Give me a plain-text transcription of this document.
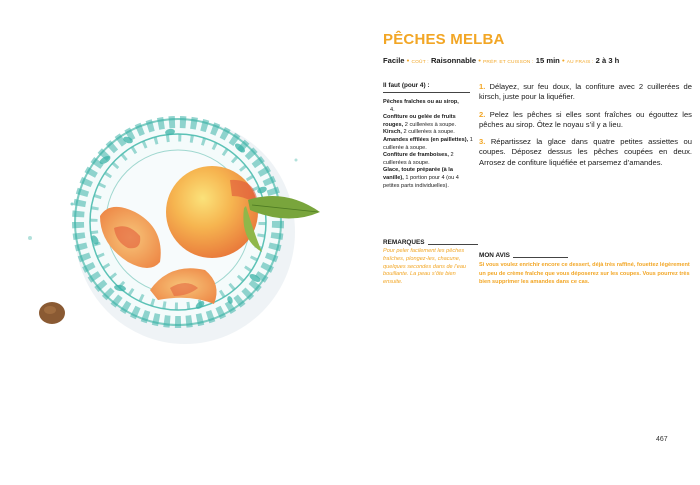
PÊCHES MELBA
Facile • COÛT : Raisonnable • PRÉP. ET CUISSON : 15 min • AU FRAIS : 2 à 3 h
Il faut (pour 4) :
Pêches fraîches ou au sirop,
4.
Confiture ou gelée de fruits rouges, 2 cuillerées à soupe.
Kirsch, 2 cuillerées à soupe.
Amandes effilées (en paillettes), 1 cuillerée à soupe.
Confiture de framboises, 2 cuillerées à soupe.
Glace, toute préparée (à la vanille), 1 portion pour 4 (ou 4 petites parts individuelles).

1. Délayez, sur feu doux, la confiture avec 2 cuillerées de kirsch, juste pour la liquéfier.

2. Pelez les pêches si elles sont fraîches ou égouttez les pêches au sirop. Ôtez le noyau s’il y a lieu.

3. Répartissez la glace dans quatre petites assiettes ou coupes. Déposez dessus les pêches coupées en deux. Arrosez de confiture liquéfiée et parsemez d’amandes.

REMARQUES
Pour peler facilement les pêches fraîches, plongez-les, chacune, quelques secondes dans de l’eau bouillante. La peau s’ôte bien ensuite.
MON AVIS
Si vous voulez enrichir encore ce dessert, déjà très raffiné, fouettez légèrement un peu de crème fraîche que vous déposerez sur les coupes. Vous pourrez très bien supprimer les amandes dans ce cas.
467
